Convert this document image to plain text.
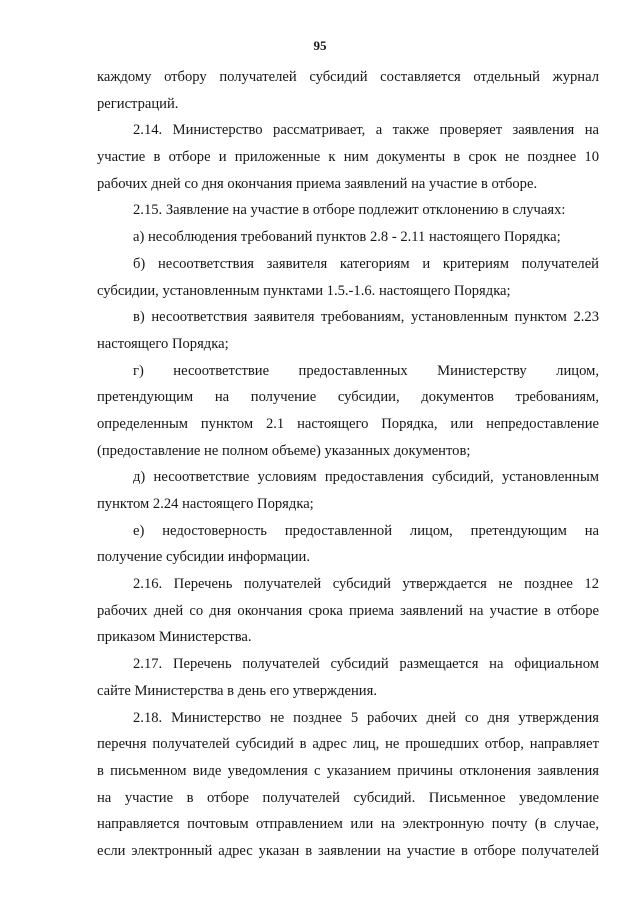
95
каждому отбору получателей субсидий составляется отдельный журнал
регистраций.
2.14. Министерство рассматривает, а также проверяет заявления на
участие в отборе и приложенные к ним документы в срок не позднее 10
рабочих дней со дня окончания приема заявлений на участие в отборе.
2.15. Заявление на участие в отборе подлежит отклонению в случаях:
а) несоблюдения требований пунктов 2.8 - 2.11 настоящего Порядка;
б) несоответствия заявителя категориям и критериям получателей
субсидии, установленным пунктами 1.5.-1.6. настоящего Порядка;
в) несоответствия заявителя требованиям, установленным пунктом 2.23
настоящего Порядка;
г) несоответствие предоставленных Министерству лицом,
претендующим на получение субсидии, документов требованиям,
определенным пунктом 2.1 настоящего Порядка, или непредоставление
(предоставление не полном объеме) указанных документов;
д) несоответствие условиям предоставления субсидий, установленным
пунктом 2.24 настоящего Порядка;
е) недостоверность предоставленной лицом, претендующим на
получение субсидии информации.
2.16. Перечень получателей субсидий утверждается не позднее 12
рабочих дней со дня окончания срока приема заявлений на участие в отборе
приказом Министерства.
2.17. Перечень получателей субсидий размещается на официальном
сайте Министерства в день его утверждения.
2.18. Министерство не позднее 5 рабочих дней со дня утверждения
перечня получателей субсидий в адрес лиц, не прошедших отбор, направляет
в письменном виде уведомления с указанием причины отклонения заявления
на участие в отборе получателей субсидий. Письменное уведомление
направляется почтовым отправлением или на электронную почту (в случае,
если электронный адрес указан в заявлении на участие в отборе получателей
